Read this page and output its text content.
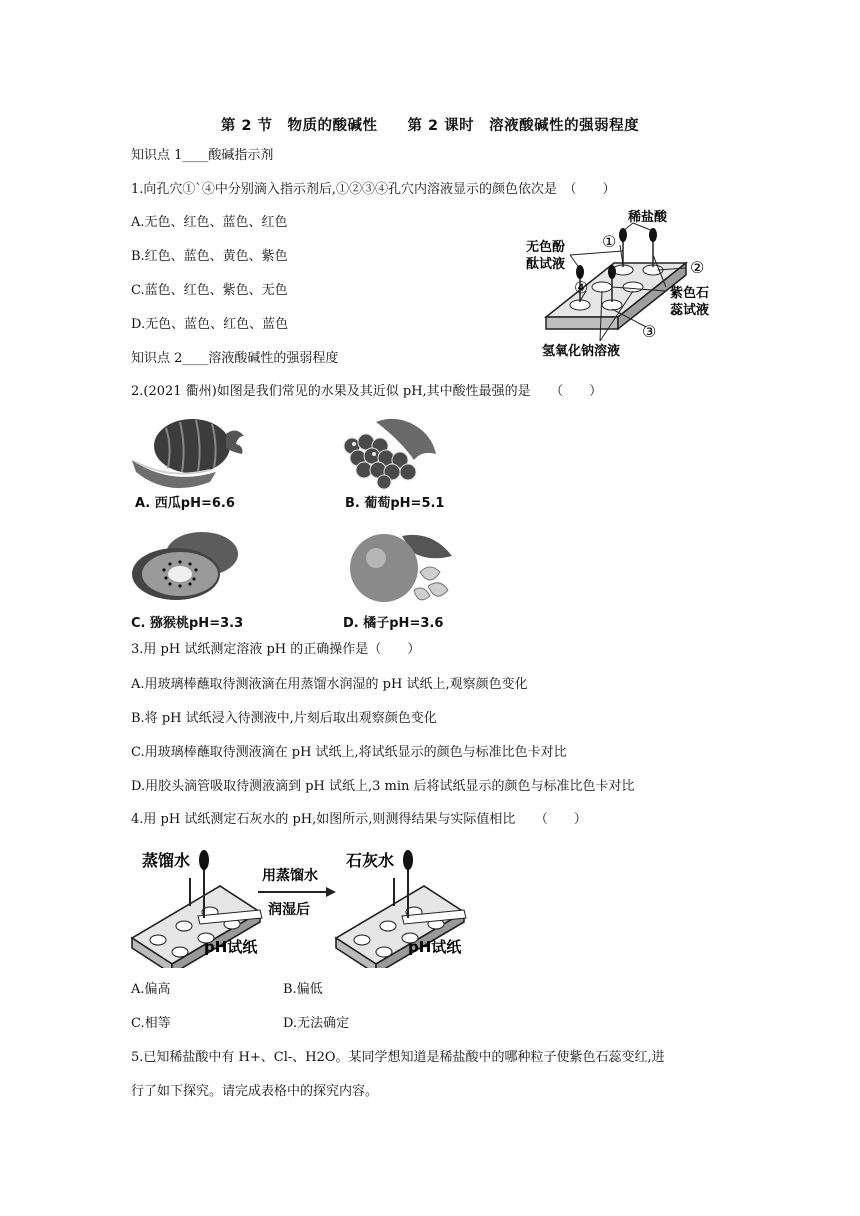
第 2 节　物质的酸碱性　　第 2 课时　溶液酸碱性的强弱程度
知识点 1____酸碱指示剂
1.向孔穴①`④中分别滴入指示剂后,①②③④孔穴内溶液显示的颜色依次是　（　　）
A.无色、红色、蓝色、红色
B.红色、蓝色、黄色、紫色
C.蓝色、红色、紫色、无色
D.无色、蓝色、红色、蓝色
稀盐酸
①
②
③
④
无色酚
酞试液
紫色石
蕊试液
氢氧化钠溶液
知识点 2____溶液酸碱性的强弱程度
2.(2021 衢州)如图是我们常见的水果及其近似 pH,其中酸性最强的是　　（　　）
A. 西瓜pH=6.6	B. 葡萄pH=5.1
C. 猕猴桃pH=3.3	D. 橘子pH=3.6
3.用 pH 试纸测定溶液 pH 的正确操作是（　　）
A.用玻璃棒蘸取待测液滴在用蒸馏水润湿的 pH 试纸上,观察颜色变化
B.将 pH 试纸浸入待测液中,片刻后取出观察颜色变化
C.用玻璃棒蘸取待测液滴在 pH 试纸上,将试纸显示的颜色与标准比色卡对比
D.用胶头滴管吸取待测液滴到 pH 试纸上,3 min 后将试纸显示的颜色与标准比色卡对比
4.用 pH 试纸测定石灰水的 pH,如图所示,则测得结果与实际值相比　　（　　）
蒸馏水
pH试纸
用蒸馏水
润湿后
石灰水
pH试纸
A.偏高	B.偏低
C.相等	D.无法确定
5.已知稀盐酸中有 H+、Cl-、H2O。某同学想知道是稀盐酸中的哪种粒子使紫色石蕊变红,进
行了如下探究。请完成表格中的探究内容。
